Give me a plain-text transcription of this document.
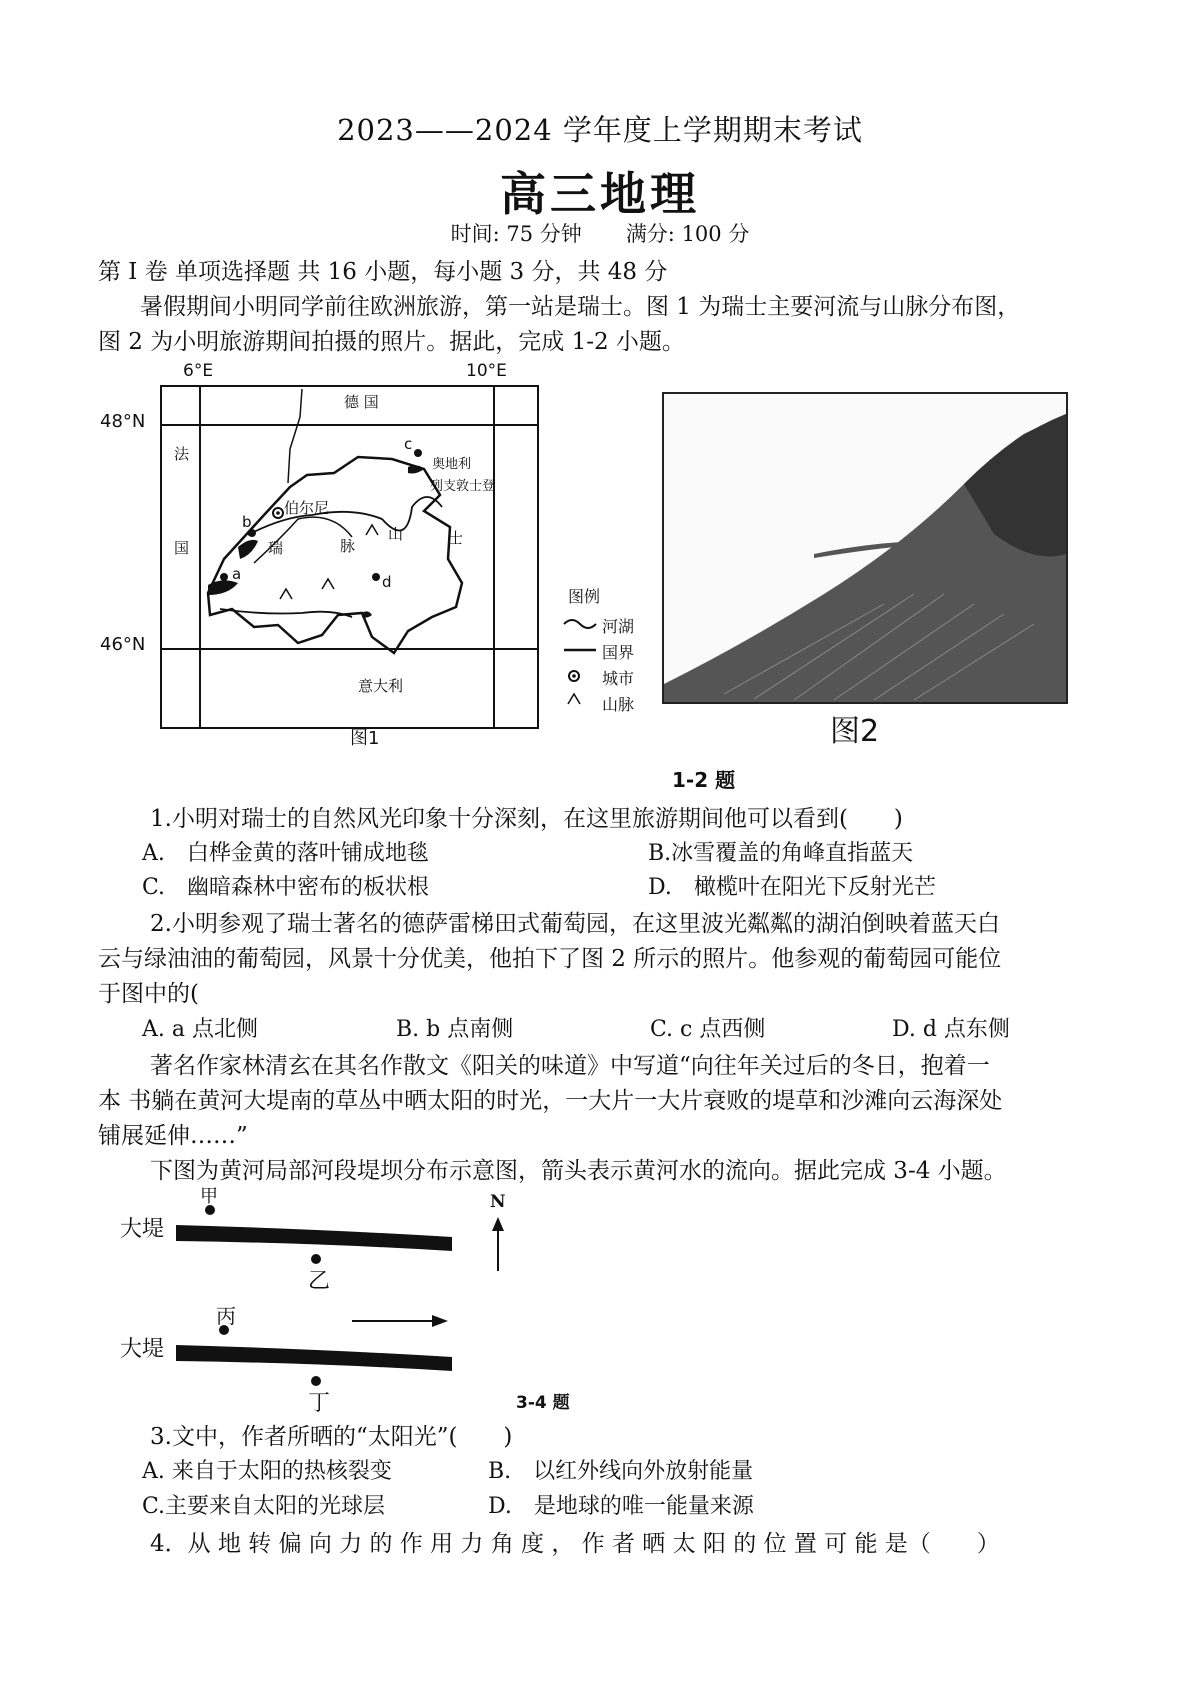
2023——2024 学年度上学期期末考试
高三地理
时间: 75 分钟 满分: 100 分
第 I 卷 单项选择题 共 16 小题，每小题 3 分，共 48 分
暑假期间小明同学前往欧洲旅游，第一站是瑞士。图 1 为瑞士主要河流与山脉分布图，
图 2 为小明旅游期间拍摄的照片。据此，完成 1-2 小题。
6°E	10°E
48°N
46°N
德 国
法
国
奥地利
列支敦士登
伯尔尼
瑞
士
山
脉
意大利
a
b
c
d
图例
河湖
国界
城市
山脉
图1	图2
1-2 题
1.小明对瑞士的自然风光印象十分深刻，在这里旅游期间他可以看到(　　)
A.　白桦金黄的落叶铺成地毯	B.冰雪覆盖的角峰直指蓝天
C.　幽暗森林中密布的板状根	D.　橄榄叶在阳光下反射光芒
2.小明参观了瑞士著名的德萨雷梯田式葡萄园，在这里波光粼粼的湖泊倒映着蓝天白
云与绿油油的葡萄园，风景十分优美，他拍下了图 2 所示的照片。他参观的葡萄园可能位
于图中的(
A. a 点北侧	B. b 点南侧	C. c 点西侧	D. d 点东侧
著名作家林清玄在其名作散文《阳关的味道》中写道“向往年关过后的冬日，抱着一
本 书躺在黄河大堤南的草丛中晒太阳的时光，一大片一大片衰败的堤草和沙滩向云海深处
铺展延伸……”
下图为黄河局部河段堤坝分布示意图，箭头表示黄河水的流向。据此完成 3-4 小题。
N
大堤
大堤
甲
乙
丙
丁	3-4 题
3.文中，作者所晒的“太阳光”(　　)
A. 来自于太阳的热核裂变	B.　以红外线向外放射能量
C.主要来自太阳的光球层	D.　是地球的唯一能量来源
4．从 地 转 偏 向 力 的 作 用 力 角 度 ， 作 者 晒 太 阳 的 位 置 可 能 是（　　）
